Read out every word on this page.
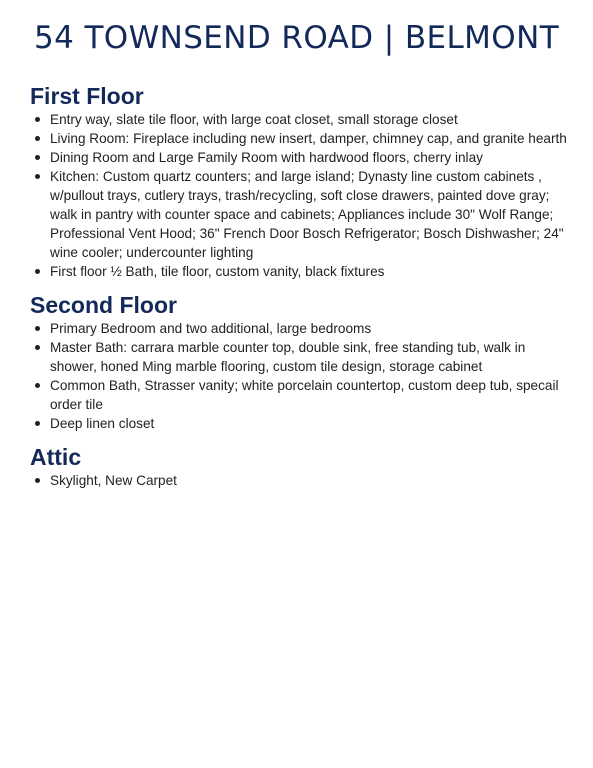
54 TOWNSEND ROAD | BELMONT
First Floor
Entry way, slate tile floor, with large coat closet, small storage closet
Living Room: Fireplace including new insert, damper, chimney cap, and granite hearth
Dining Room and Large Family Room with hardwood floors, cherry inlay
Kitchen: Custom quartz counters; and large island; Dynasty line custom cabinets , w/pullout trays, cutlery trays, trash/recycling, soft close drawers, painted dove gray; walk in pantry with counter space and cabinets; Appliances include 30" Wolf Range; Professional Vent Hood; 36" French Door Bosch Refrigerator; Bosch Dishwasher; 24" wine cooler; undercounter lighting
First floor ½ Bath, tile floor, custom vanity, black fixtures
Second Floor
Primary Bedroom and two additional, large bedrooms
Master Bath: carrara marble counter top, double sink, free standing tub, walk in shower, honed Ming marble flooring, custom tile design, storage cabinet
Common Bath, Strasser vanity; white porcelain countertop, custom deep tub, specail order tile
Deep linen closet
Attic
Skylight, New Carpet
